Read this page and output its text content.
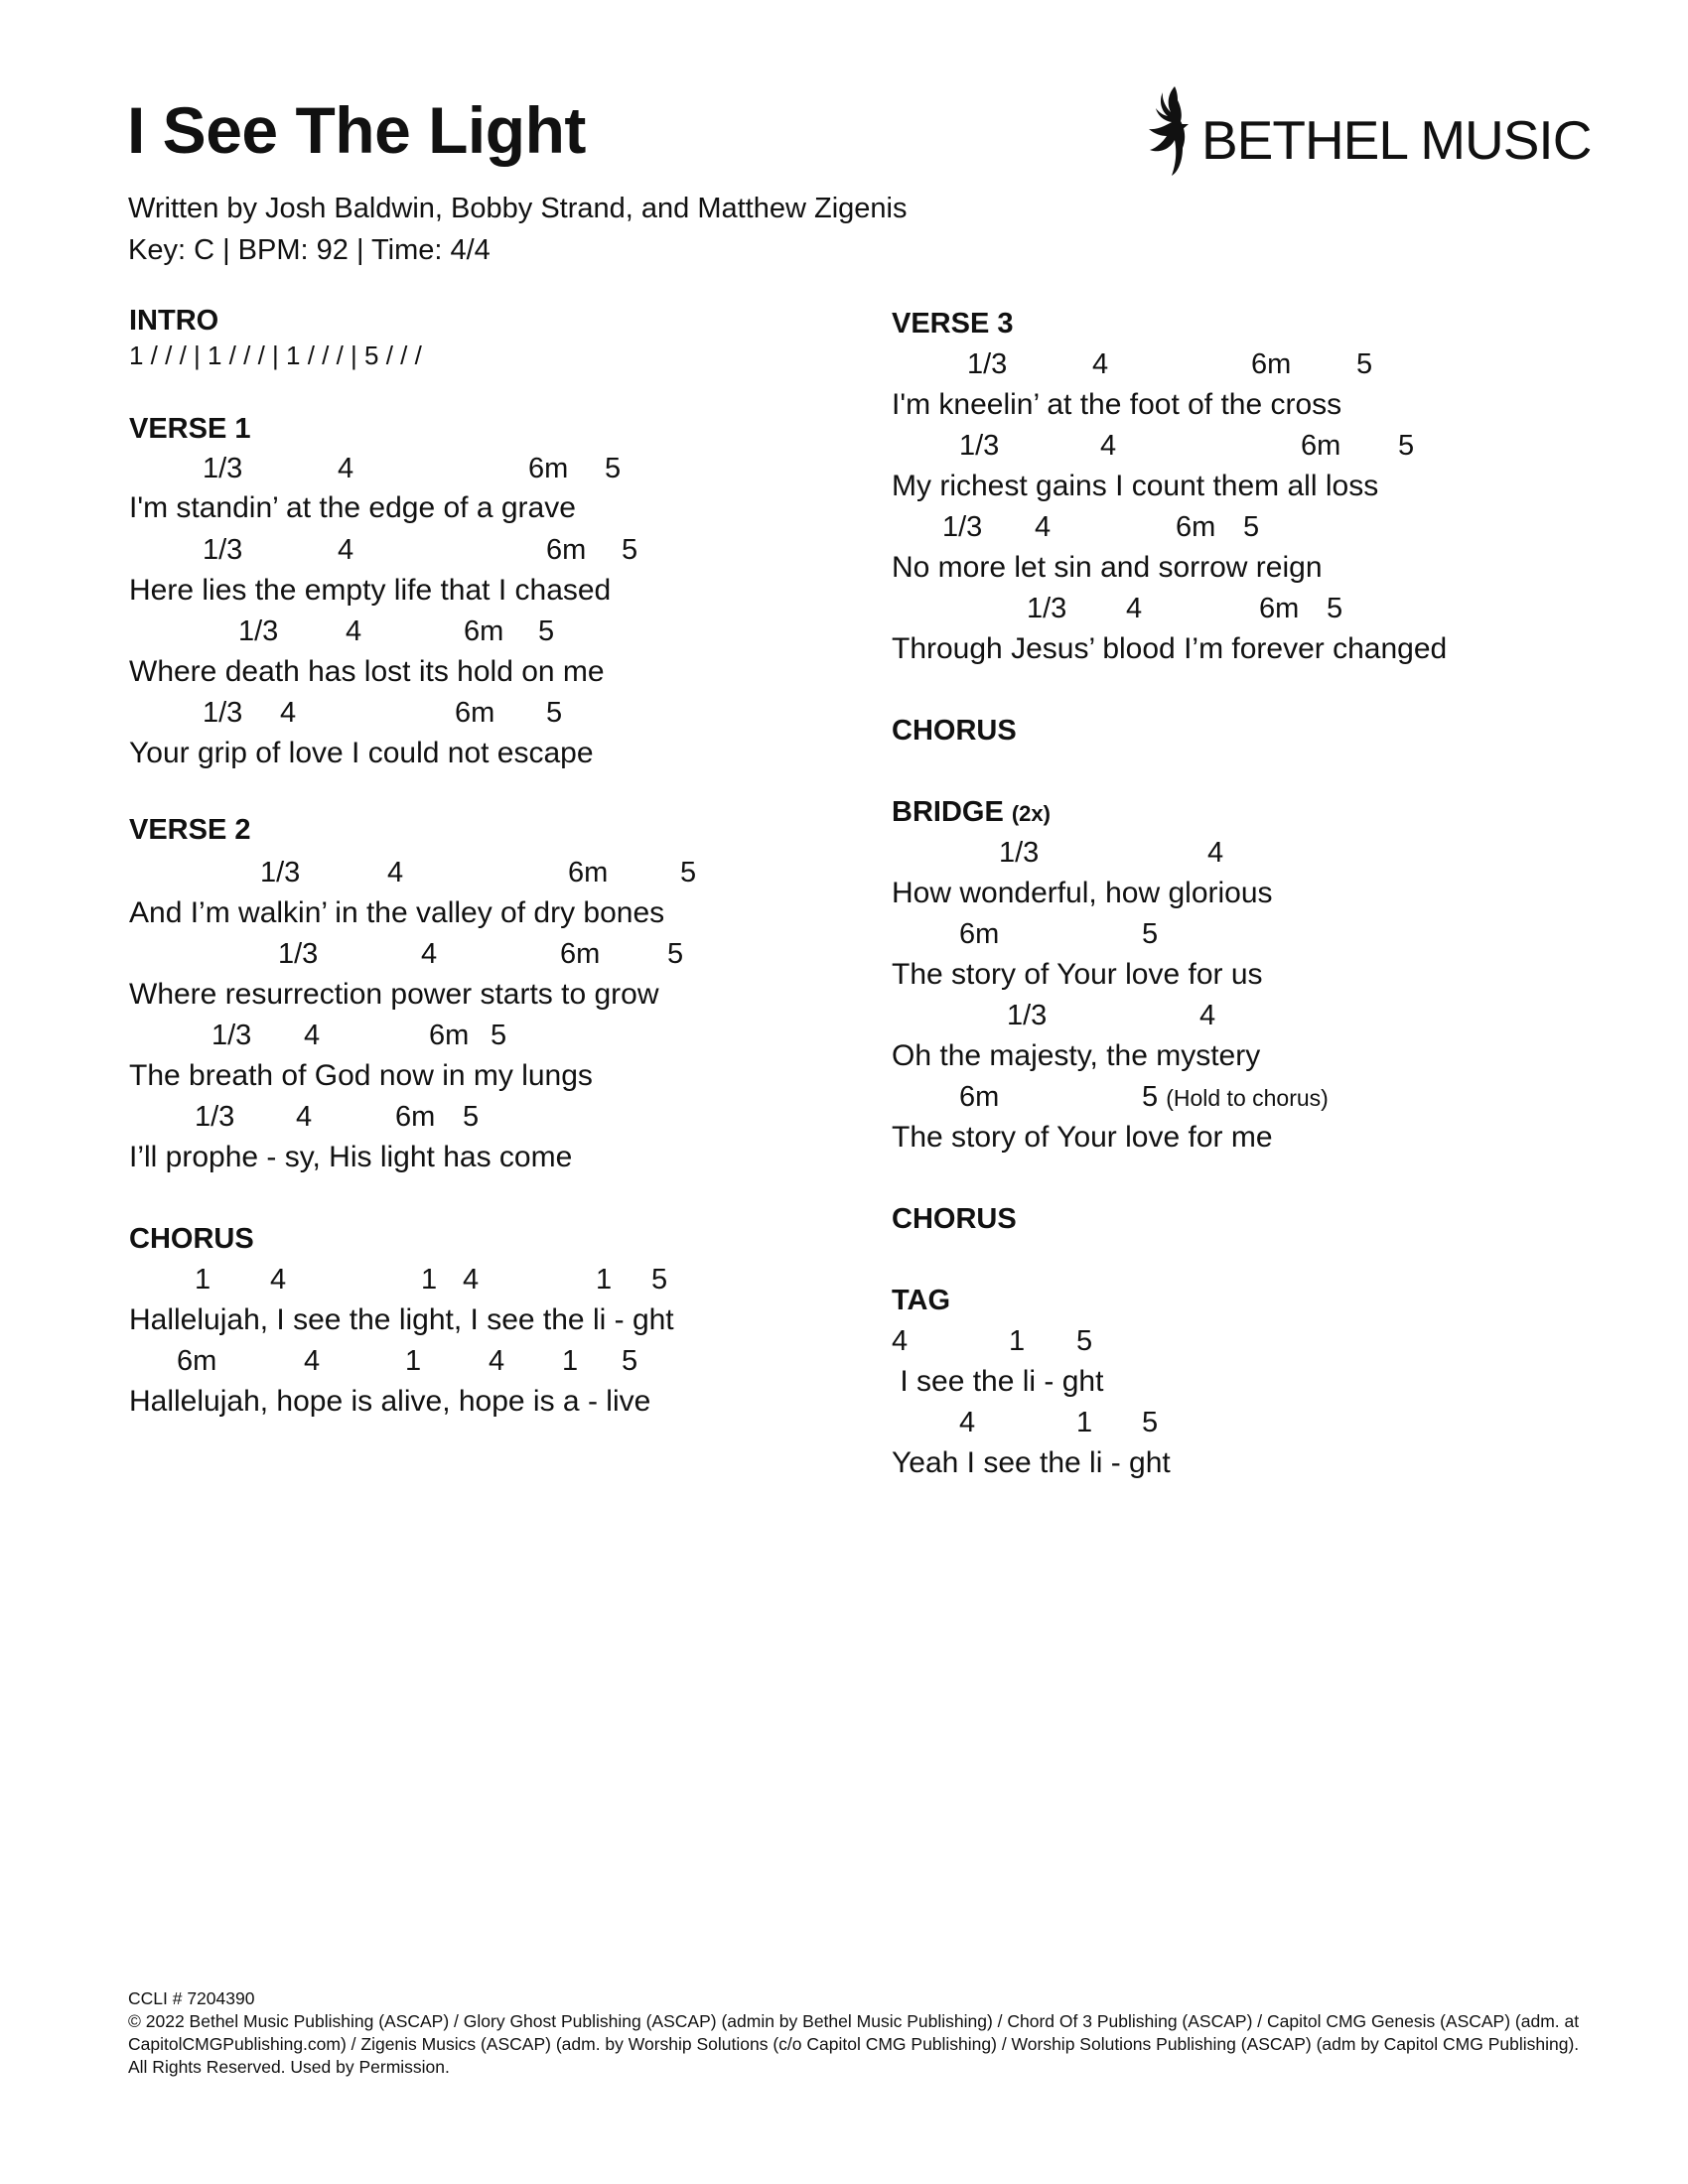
I See The Light
Written by Josh Baldwin, Bobby Strand, and Matthew Zigenis
Key: C | BPM: 92 | Time: 4/4
BETHEL MUSIC
INTRO
1 / / / | 1 / / / | 1 / / / | 5 / / /
VERSE 1
1/3	4	6m 5
I'm standin’ at the edge of a grave
1/3	4	6m 5
Here lies the empty life that I chased
1/3 4	6m 5
Where death has lost its hold on me
1/3 4	6m 5
Your grip of love I could not escape
VERSE 2
1/3	4	6m	5
And I’m walkin’ in the valley of dry bones
1/3	4	6m 5
Where resurrection power starts to grow
1/3 4	6m 5
The breath of God now in my lungs
1/3 4	6m 5
I’ll prophe - sy, His light has come
CHORUS
1 4	1 4	1 5
Hallelujah, I see the light, I see the li - ght
6m	4	1 4 1 5
Hallelujah, hope is alive, hope is a - live
VERSE 3
1/3	4	6m 5
I'm kneelin’ at the foot of the cross
1/3	4	6m 5
My richest gains I count them all loss
1/3 4	6m 5
No more let sin and sorrow reign
1/3 4	6m 5
Through Jesus’ blood I’m forever changed
CHORUS
BRIDGE (2x)
1/3	4
How wonderful, how glorious
6m	5
The story of Your love for us
1/3	4
Oh the majesty, the mystery
6m	5 (Hold to chorus)
The story of Your love for me
CHORUS
TAG
4	1 5
I see the li - ght
4	1 5
Yeah I see the li - ght

CCLI # 7204390

© 2022 Bethel Music Publishing (ASCAP) / Glory Ghost Publishing (ASCAP) (admin by Bethel Music Publishing) / Chord Of 3 Publishing (ASCAP) / Capitol CMG Genesis (ASCAP) (adm. at CapitolCMGPublishing.com) / Zigenis Musics (ASCAP) (adm. by Worship Solutions (c/o Capitol CMG Publishing) / Worship Solutions Publishing (ASCAP) (adm by Capitol CMG Publishing). All Rights Reserved. Used by Permission.
